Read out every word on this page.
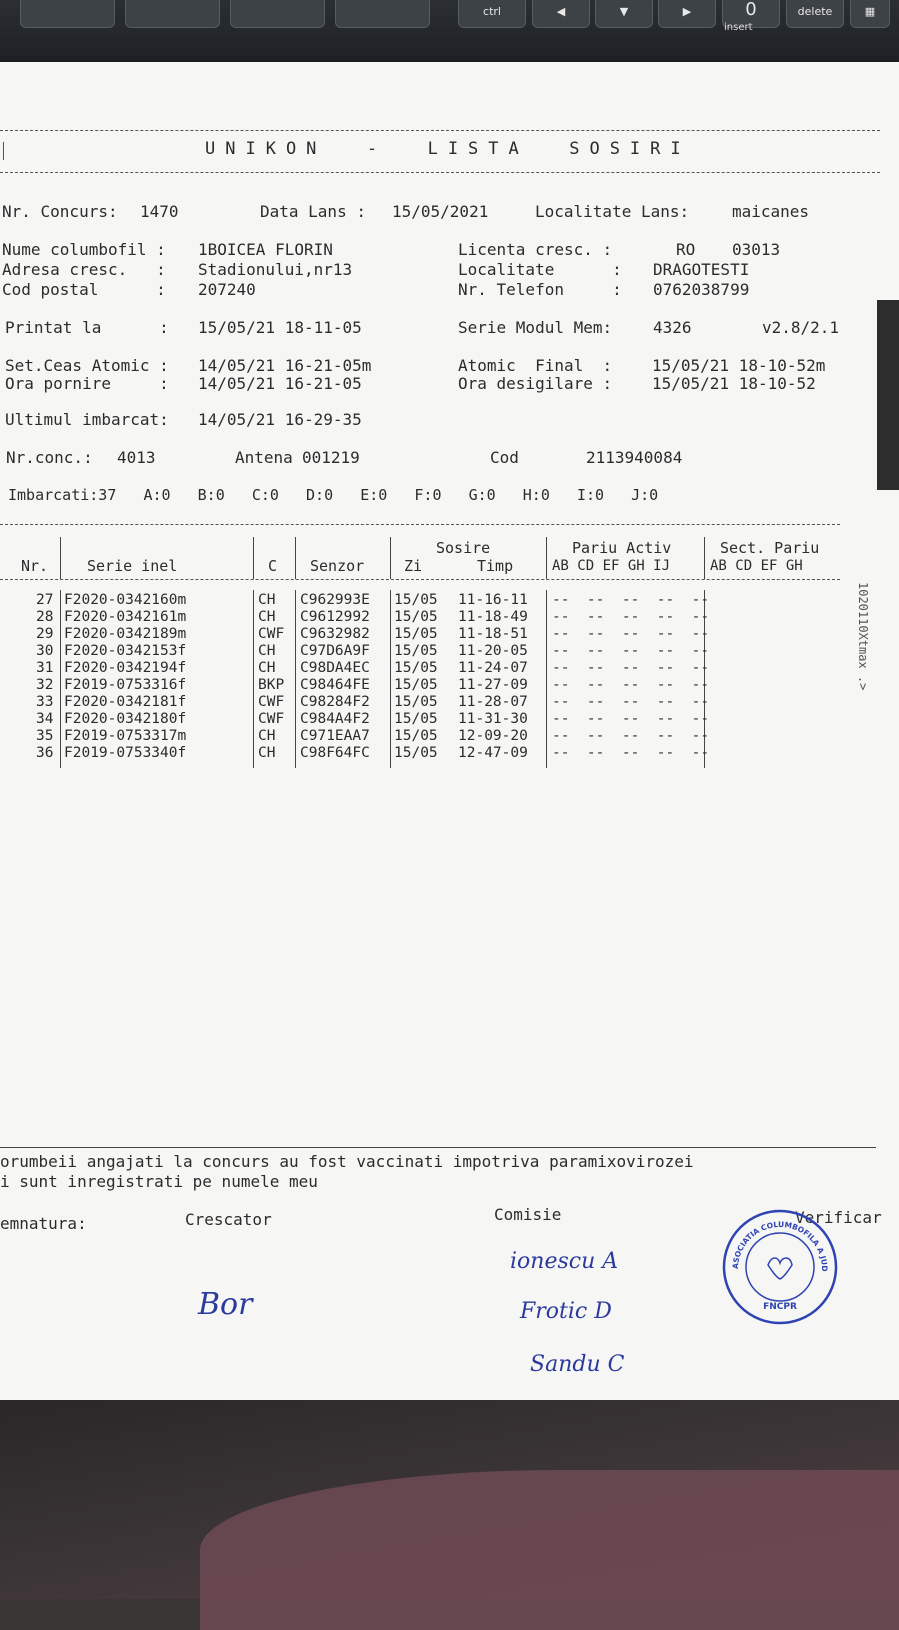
ctrl	◀	▼	▶	0
insert
delete	▦
UNIKON  -  LISTA  SOSIRI
Nr. Concurs: 1470	Data Lans : 15/05/2021	Localitate Lans:	maicanes
Nume columbofil : 1BOICEA FLORIN	Licenta cresc. :	RO 03013
Adresa cresc.   : Stadionului,nr13	Localitate      : DRAGOTESTI
Cod postal      : 207240	Nr. Telefon     : 0762038799
Printat la      : 15/05/21 18-11-05	Serie Modul Mem:	4326	v2.8/2.1
Set.Ceas Atomic : 14/05/21 16-21-05m	Atomic  Final  : 15/05/21 18-10-52m
Ora pornire     : 14/05/21 16-21-05	Ora desigilare : 15/05/21 18-10-52
Ultimul imbarcat: 14/05/21 16-29-35
Nr.conc.: 4013	Antena 001219	Cod	2113940084
Imbarcati:37   A:0   B:0   C:0   D:0   E:0   F:0   G:0   H:0   I:0   J:0
Nr.	Serie inel	C Senzor
Sosire
Zi	Timp
Pariu Activ
AB CD EF GH IJ
Sect. Pariu
AB CD EF GH
27 F2020-0342160m	CH C962993E 15/05 11-16-11 --  --  --  --  --
28 F2020-0342161m	CH C9612992 15/05 11-18-49 --  --  --  --  --
29 F2020-0342189m	CWF C9632982 15/05 11-18-51 --  --  --  --  --
30 F2020-0342153f	CH C97D6A9F 15/05 11-20-05 --  --  --  --  --
31 F2020-0342194f	CH C98DA4EC 15/05 11-24-07 --  --  --  --  --
32 F2019-0753316f	BKP C98464FE 15/05 11-27-09 --  --  --  --  --
33 F2020-0342181f	CWF C98284F2 15/05 11-28-07 --  --  --  --  --
34 F2020-0342180f	CWF C984A4F2 15/05 11-31-30 --  --  --  --  --
35 F2019-0753317m	CH C971EAA7 15/05 12-09-20 --  --  --  --  --
36 F2019-0753340f	CH C98F64FC 15/05 12-47-09 --  --  --  --  --
1020110Xtmax .>
orumbeii angajati la concurs au fost vaccinati impotriva paramixovirozei
i sunt inregistrati pe numele meu
emnatura:	Crescator	Comisie	Verificar
Bor
ionescu A
Frotic D
Sandu C
ASOCIATIA COLUMBOFILA A JUD
FNCPR
